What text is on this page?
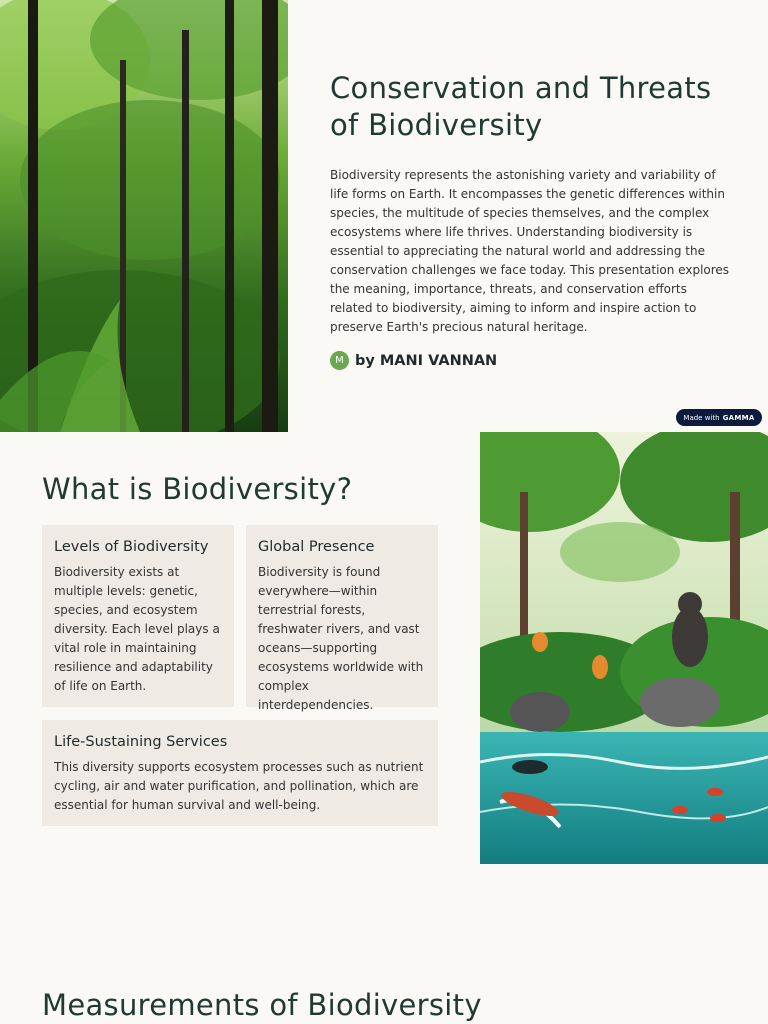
Conservation and Threats of Biodiversity

Biodiversity represents the astonishing variety and variability of life forms on Earth. It encompasses the genetic differences within species, the multitude of species themselves, and the complex ecosystems where life thrives. Understanding biodiversity is essential to appreciating the natural world and addressing the conservation challenges we face today. This presentation explores the meaning, importance, threats, and conservation efforts related to biodiversity, aiming to inform and inspire action to preserve Earth's precious natural heritage.

M by MANI VANNAN
Made with GAMMA
What is Biodiversity?
Levels of Biodiversity

Biodiversity exists at multiple levels: genetic, species, and ecosystem diversity. Each level plays a vital role in maintaining resilience and adaptability of life on Earth.

Global Presence

Biodiversity is found everywhere—within terrestrial forests, freshwater rivers, and vast oceans—supporting ecosystems worldwide with complex interdependencies.

Life-Sustaining Services

This diversity supports ecosystem processes such as nutrient cycling, air and water purification, and pollination, which are essential for human survival and well-being.

Measurements of Biodiversity
